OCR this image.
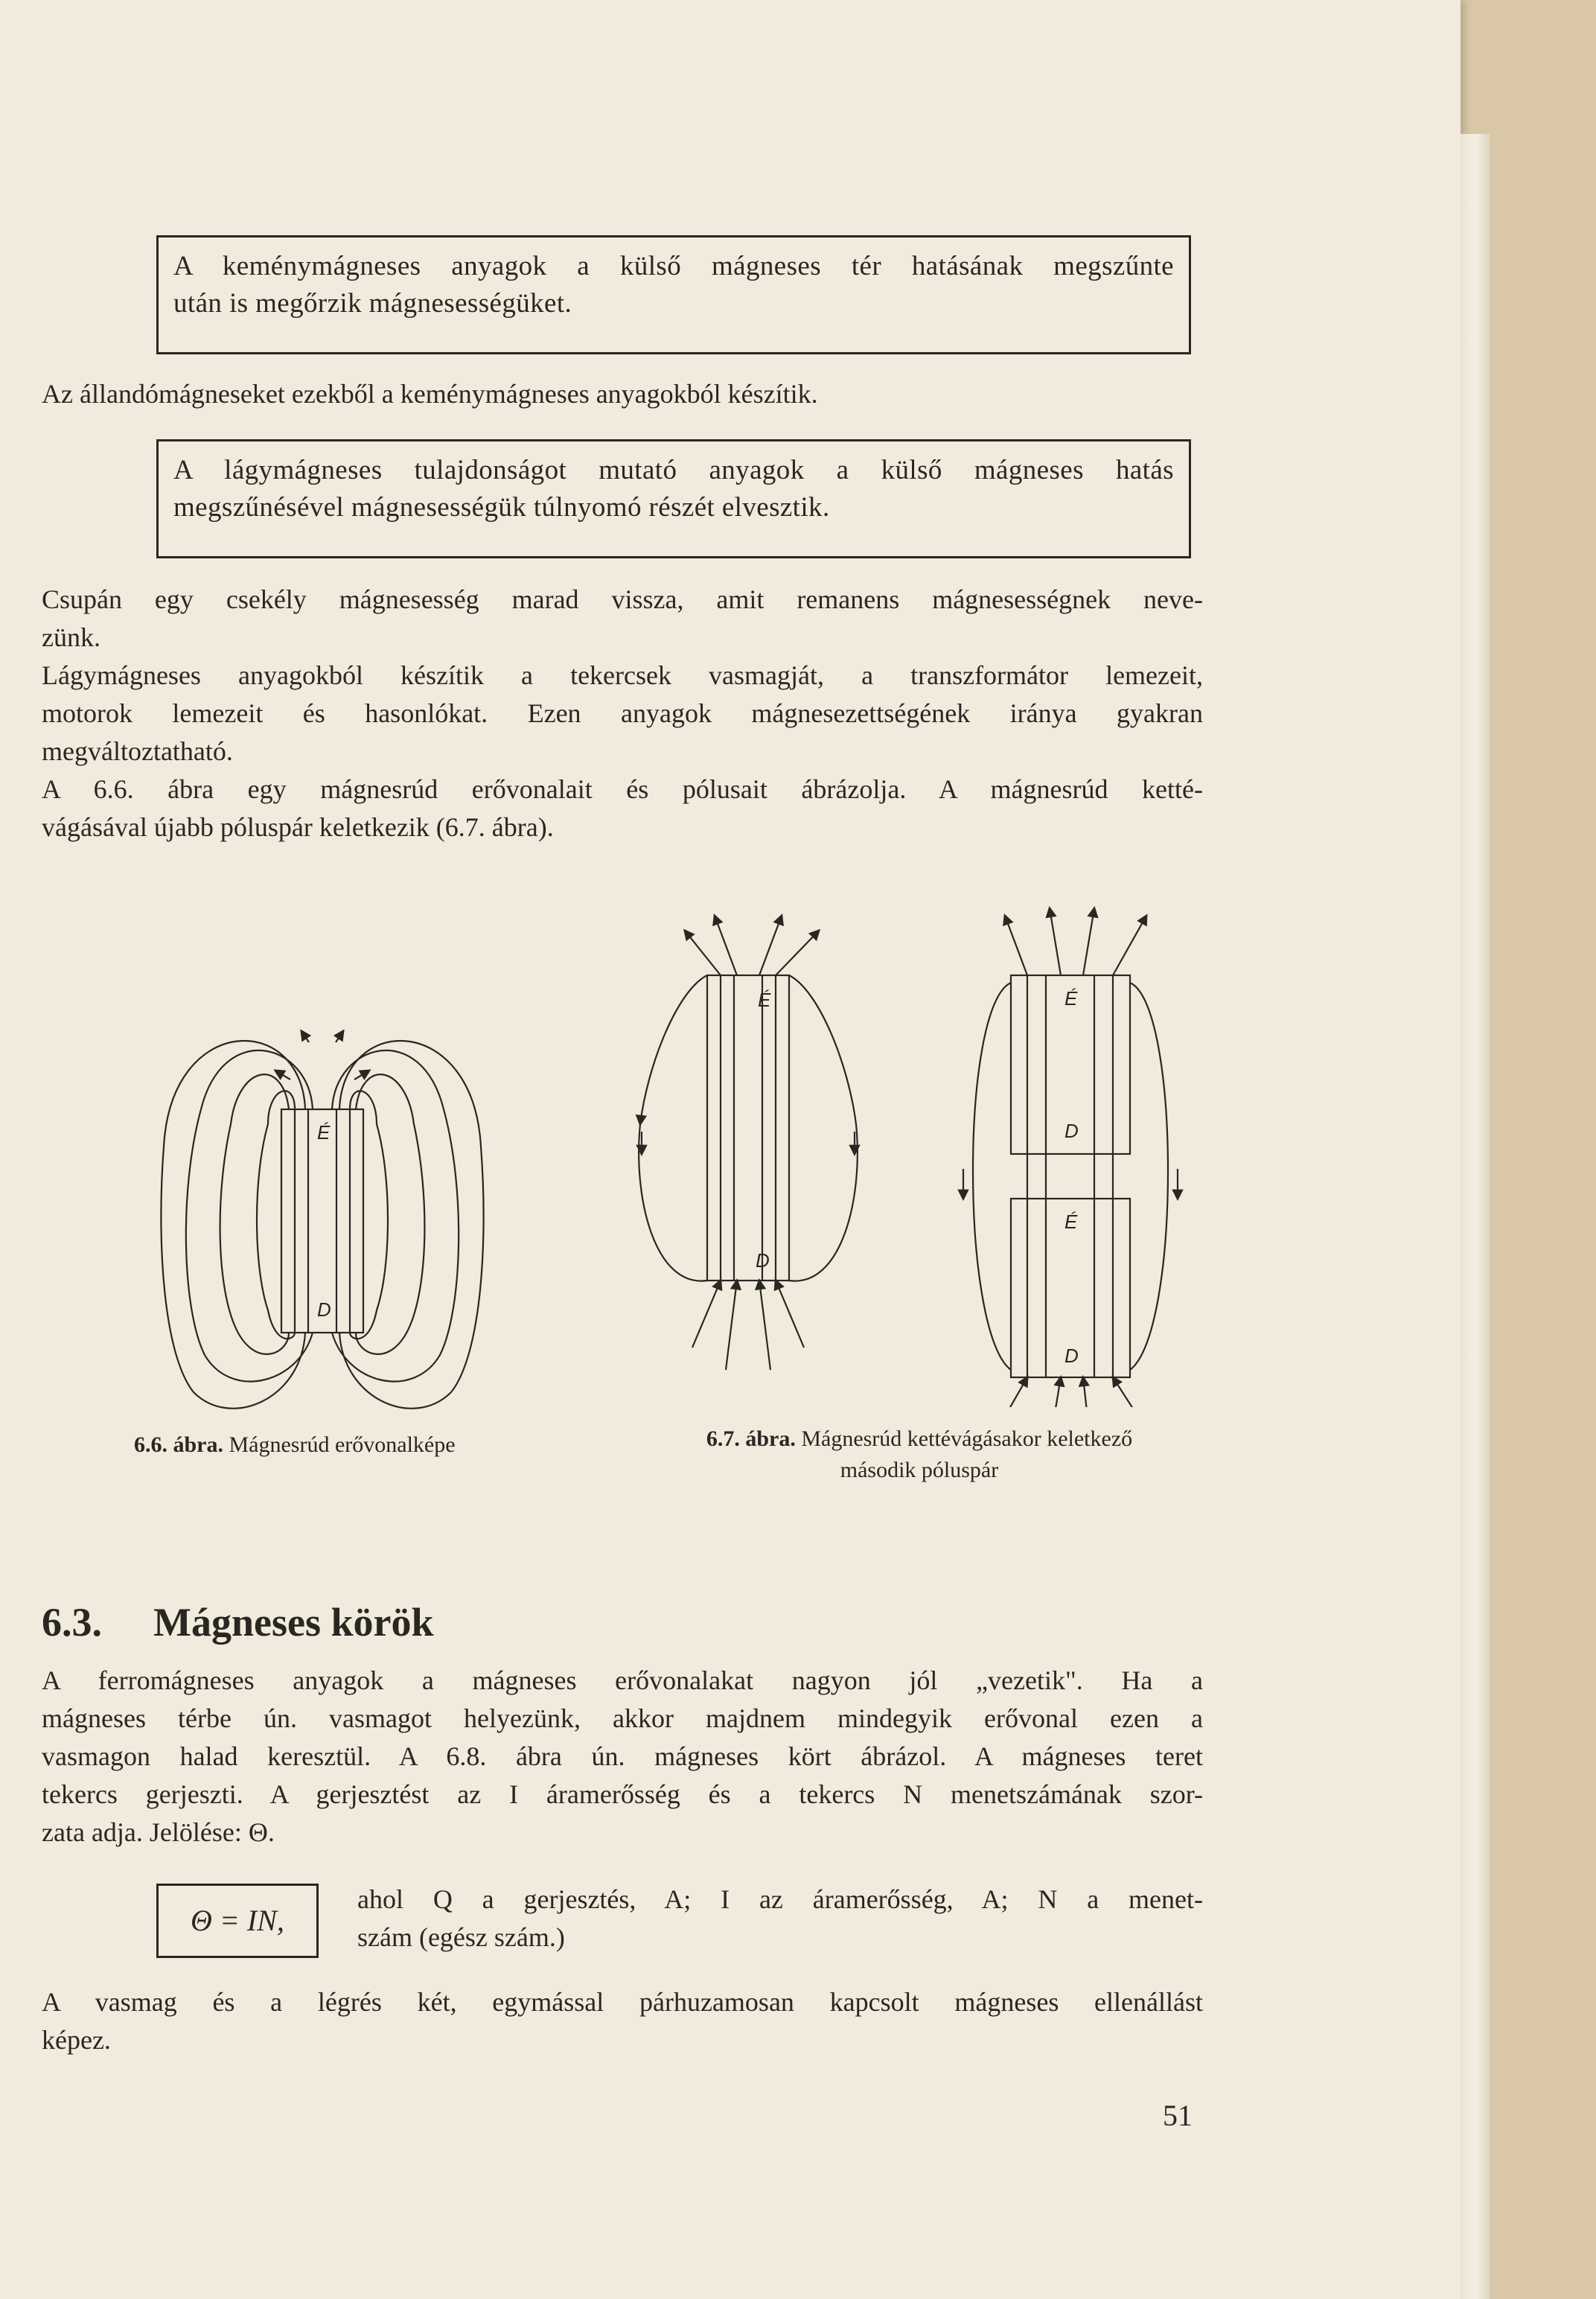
A keménymágneses anyagok a külső mágneses tér hatásának megszűnte
után is megőrzik mágnesességüket.
Az állandómágneseket ezekből a keménymágneses anyagokból készítik.
A lágymágneses tulajdonságot mutató anyagok a külső mágneses hatás
megszűnésével mágnesességük túlnyomó részét elvesztik.
Csupán egy csekély mágnesesség marad vissza, amit remanens mágnesességnek neve-
zünk.
Lágymágneses anyagokból készítik a tekercsek vasmagját, a transzformátor lemezeit,
motorok lemezeit és hasonlókat. Ezen anyagok mágnesezettségének iránya gyakran
megváltoztatható.
A 6.6. ábra egy mágnesrúd erővonalait és pólusait ábrázolja. A mágnesrúd ketté-
vágásával újabb póluspár keletkezik (6.7. ábra).
É
D
6.6. ábra. Mágnesrúd erővonalképe
É
D
É
D
É
D
6.7. ábra. Mágnesrúd kettévágásakor keletkező
második póluspár
6.3. Mágneses körök
A ferromágneses anyagok a mágneses erővonalakat nagyon jól „vezetik". Ha a
mágneses térbe ún. vasmagot helyezünk, akkor majdnem mindegyik erővonal ezen a
vasmagon halad keresztül. A 6.8. ábra ún. mágneses kört ábrázol. A mágneses teret
tekercs gerjeszti. A gerjesztést az I áramerősség és a tekercs N menetszámának szor-
zata adja. Jelölése: Θ.
Θ = IN,
ahol Q a gerjesztés, A; I az áramerősség, A; N a menet-
szám (egész szám.)
A vasmag és a légrés két, egymással párhuzamosan kapcsolt mágneses ellenállást
képez.
51
